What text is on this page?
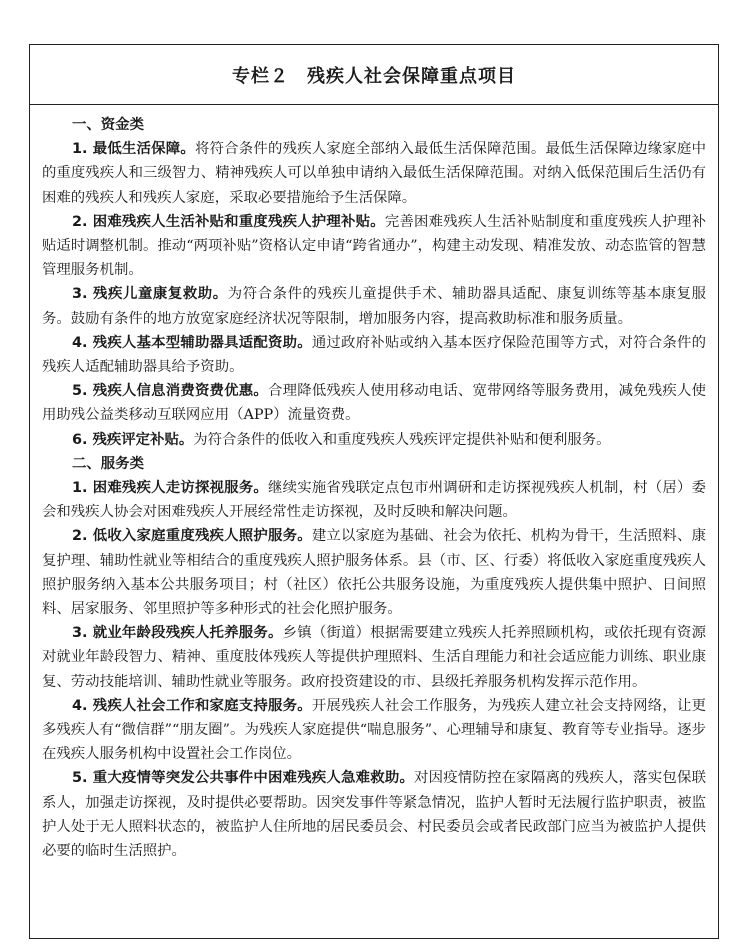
专栏２ 残疾人社会保障重点项目
一、资金类

1. 最低生活保障。将符合条件的残疾人家庭全部纳入最低生活保障范围。最低生活保障边缘家庭中的重度残疾人和三级智力、精神残疾人可以单独申请纳入最低生活保障范围。对纳入低保范围后生活仍有困难的残疾人和残疾人家庭，采取必要措施给予生活保障。

2. 困难残疾人生活补贴和重度残疾人护理补贴。完善困难残疾人生活补贴制度和重度残疾人护理补贴适时调整机制。推动“两项补贴”资格认定申请“跨省通办”，构建主动发现、精准发放、动态监管的智慧管理服务机制。

3. 残疾儿童康复救助。为符合条件的残疾儿童提供手术、辅助器具适配、康复训练等基本康复服务。鼓励有条件的地方放宽家庭经济状况等限制，增加服务内容，提高救助标准和服务质量。

4. 残疾人基本型辅助器具适配资助。通过政府补贴或纳入基本医疗保险范围等方式，对符合条件的残疾人适配辅助器具给予资助。

5. 残疾人信息消费资费优惠。合理降低残疾人使用移动电话、宽带网络等服务费用，减免残疾人使用助残公益类移动互联网应用（APP）流量资费。

6. 残疾评定补贴。为符合条件的低收入和重度残疾人残疾评定提供补贴和便利服务。

二、服务类

1. 困难残疾人走访探视服务。继续实施省残联定点包市州调研和走访探视残疾人机制，村（居）委会和残疾人协会对困难残疾人开展经常性走访探视，及时反映和解决问题。

2. 低收入家庭重度残疾人照护服务。建立以家庭为基础、社会为依托、机构为骨干，生活照料、康复护理、辅助性就业等相结合的重度残疾人照护服务体系。县（市、区、行委）将低收入家庭重度残疾人照护服务纳入基本公共服务项目；村（社区）依托公共服务设施，为重度残疾人提供集中照护、日间照料、居家服务、邻里照护等多种形式的社会化照护服务。

3. 就业年龄段残疾人托养服务。乡镇（街道）根据需要建立残疾人托养照顾机构，或依托现有资源对就业年龄段智力、精神、重度肢体残疾人等提供护理照料、生活自理能力和社会适应能力训练、职业康复、劳动技能培训、辅助性就业等服务。政府投资建设的市、县级托养服务机构发挥示范作用。

4. 残疾人社会工作和家庭支持服务。开展残疾人社会工作服务，为残疾人建立社会支持网络，让更多残疾人有“微信群”“朋友圈”。为残疾人家庭提供“喘息服务”、心理辅导和康复、教育等专业指导。逐步在残疾人服务机构中设置社会工作岗位。

5. 重大疫情等突发公共事件中困难残疾人急难救助。对因疫情防控在家隔离的残疾人，落实包保联系人，加强走访探视，及时提供必要帮助。因突发事件等紧急情况，监护人暂时无法履行监护职责，被监护人处于无人照料状态的，被监护人住所地的居民委员会、村民委员会或者民政部门应当为被监护人提供必要的临时生活照护。
